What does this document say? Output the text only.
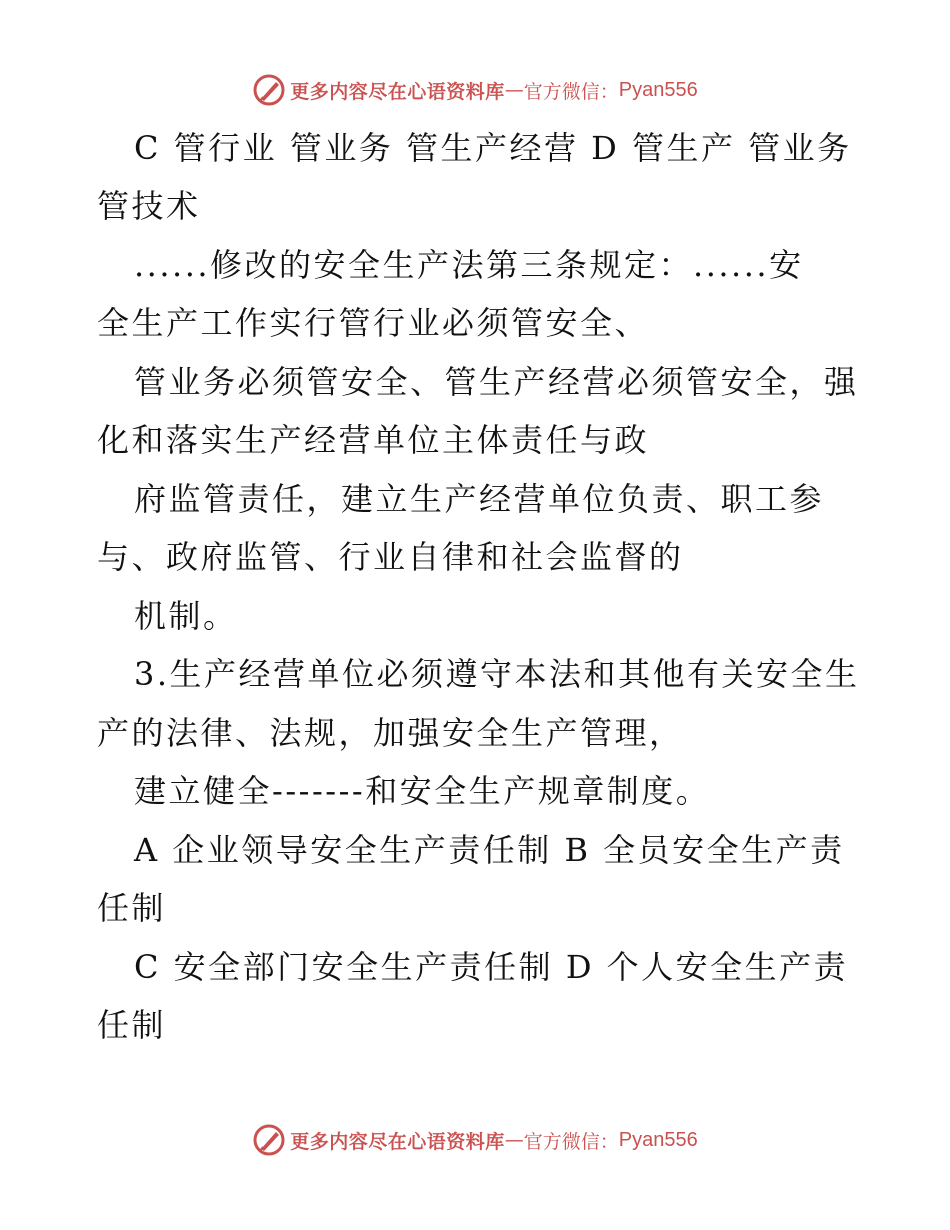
更多内容尽在心语资料库 — 官方微信： Pyan556
C 管行业 管业务 管生产经营 D 管生产 管业务
管技术
......修改的安全生产法第三条规定：......安
全生产工作实行管行业必须管安全、
管业务必须管安全、管生产经营必须管安全，强
化和落实生产经营单位主体责任与政
府监管责任，建立生产经营单位负责、职工参
与、政府监管、行业自律和社会监督的
机制。
3.生产经营单位必须遵守本法和其他有关安全生
产的法律、法规，加强安全生产管理，
建立健全-------和安全生产规章制度。
A 企业领导安全生产责任制 B 全员安全生产责
任制
C 安全部门安全生产责任制 D 个人安全生产责
任制
更多内容尽在心语资料库 — 官方微信： Pyan556
